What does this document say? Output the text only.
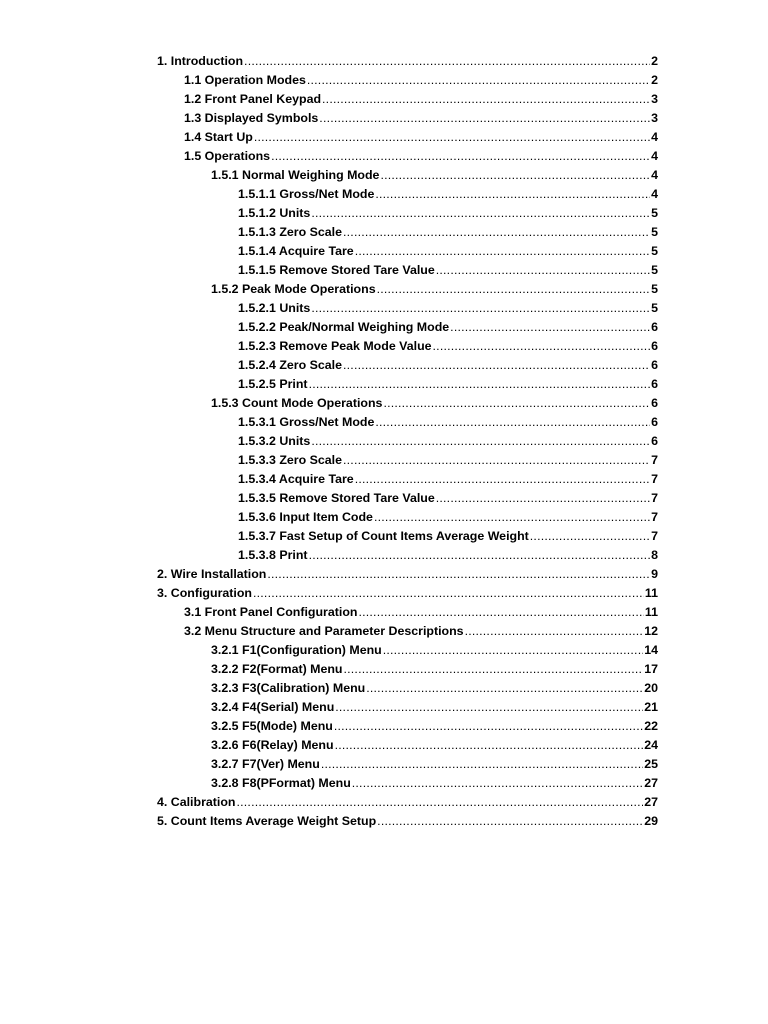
1. Introduction .....	2
1.1 Operation Modes .....	2
1.2 Front Panel Keypad .....	3
1.3 Displayed Symbols .....	3
1.4 Start Up .....	4
1.5 Operations .....	4
1.5.1 Normal Weighing Mode .....	4
1.5.1.1 Gross/Net Mode .....	4
1.5.1.2 Units .....	5
1.5.1.3 Zero Scale .....	5
1.5.1.4 Acquire Tare .....	5
1.5.1.5 Remove Stored Tare Value .....	5
1.5.2 Peak Mode Operations .....	5
1.5.2.1 Units .....	5
1.5.2.2 Peak/Normal Weighing Mode .....	6
1.5.2.3 Remove Peak Mode Value .....	6
1.5.2.4 Zero Scale .....	6
1.5.2.5 Print .....	6
1.5.3 Count Mode Operations .....	6
1.5.3.1 Gross/Net Mode .....	6
1.5.3.2 Units .....	6
1.5.3.3 Zero Scale .....	7
1.5.3.4 Acquire Tare .....	7
1.5.3.5 Remove Stored Tare Value .....	7
1.5.3.6 Input Item Code .....	7
1.5.3.7 Fast Setup of Count Items Average Weight .....	7
1.5.3.8 Print .....	8
2. Wire Installation .....	9
3. Configuration .....	11
3.1 Front Panel Configuration .....	11
3.2 Menu Structure and Parameter Descriptions .....	12
3.2.1 F1(Configuration) Menu .....	14
3.2.2 F2(Format) Menu .....	17
3.2.3 F3(Calibration) Menu .....	20
3.2.4 F4(Serial) Menu .....	21
3.2.5 F5(Mode) Menu .....	22
3.2.6 F6(Relay) Menu .....	24
3.2.7 F7(Ver) Menu .....	25
3.2.8 F8(PFormat) Menu .....	27
4. Calibration .....	27
5. Count Items Average Weight Setup .....	29
